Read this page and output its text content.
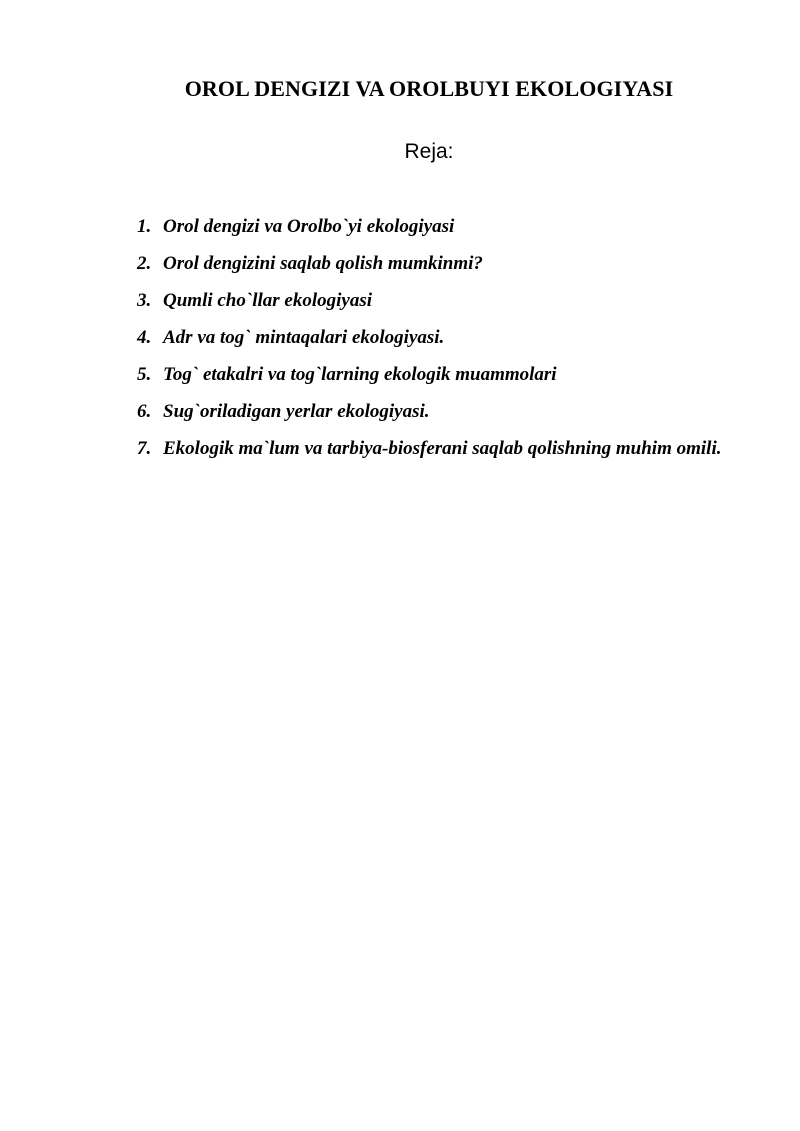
OROL DENGIZI VA OROLBUYI EKOLOGIYASI
Reja:
1. Orol dengizi va Orolbo`yi ekologiyasi
2. Orol dengizini saqlab qolish mumkinmi?
3. Qumli cho`llar ekologiyasi
4. Adr va tog` mintaqalari ekologiyasi.
5. Tog` etakalri va tog`larning ekologik muammolari
6. Sug`oriladigan yerlar ekologiyasi.
7. Ekologik ma`lum va tarbiya-biosferani saqlab qolishning muhim omili.
